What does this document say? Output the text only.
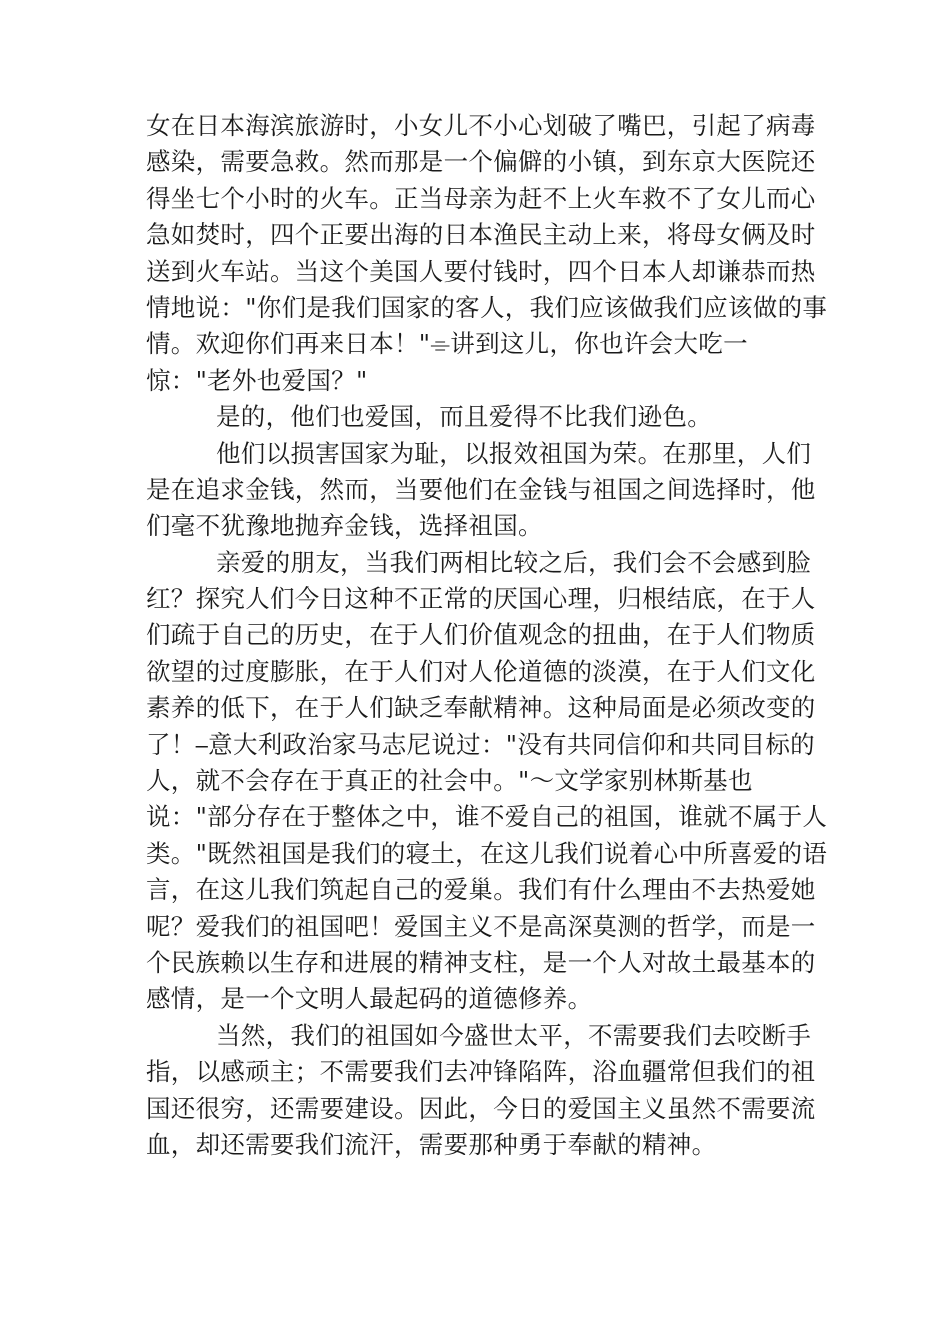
女在日本海滨旅游时，小女儿不小心划破了嘴巴，引起了病毒
感染，需要急救。然而那是一个偏僻的小镇，到东京大医院还
得坐七个小时的火车。正当母亲为赶不上火车救不了女儿而心
急如焚时，四个正要出海的日本渔民主动上来，将母女俩及时
送到火车站。当这个美国人要付钱时，四个日本人却谦恭而热
情地说："你们是我们国家的客人，我们应该做我们应该做的事
情。欢迎你们再来日本！"⌯讲到这儿，你也许会大吃一
惊："老外也爱国？"
是的，他们也爱国，而且爱得不比我们逊色。
他们以损害国家为耻，以报效祖国为荣。在那里，人们
是在追求金钱，然而，当要他们在金钱与祖国之间选择时，他
们毫不犹豫地抛弃金钱，选择祖国。
亲爱的朋友，当我们两相比较之后，我们会不会感到脸
红？探究人们今日这种不正常的厌国心理，归根结底，在于人
们疏于自己的历史，在于人们价值观念的扭曲，在于人们物质
欲望的过度膨胀，在于人们对人伦道德的淡漠，在于人们文化
素养的低下，在于人们缺乏奉献精神。这种局面是必须改变的
了！⎯意大利政治家马志尼说过："没有共同信仰和共同目标的
人，就不会存在于真正的社会中。"～文学家别林斯基也
说："部分存在于整体之中，谁不爱自己的祖国，谁就不属于人
类。"既然祖国是我们的寝土，在这儿我们说着心中所喜爱的语
言，在这儿我们筑起自己的爱巢。我们有什么理由不去热爱她
呢？爱我们的祖国吧！爱国主义不是高深莫测的哲学，而是一
个民族赖以生存和进展的精神支柱，是一个人对故土最基本的
感情，是一个文明人最起码的道德修养。
当然，我们的祖国如今盛世太平，不需要我们去咬断手
指，以感顽主；不需要我们去冲锋陷阵，浴血疆常但我们的祖
国还很穷，还需要建设。因此，今日的爱国主义虽然不需要流
血，却还需要我们流汗，需要那种勇于奉献的精神。
